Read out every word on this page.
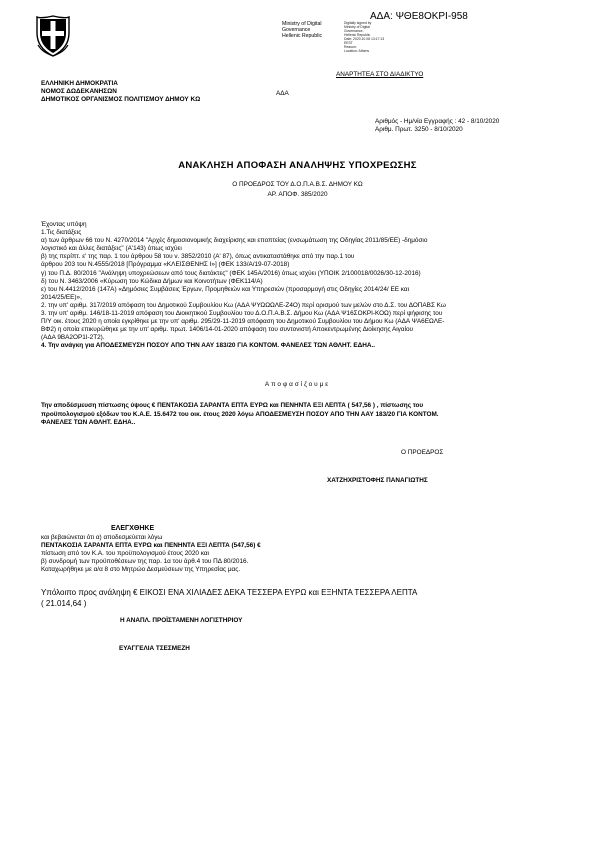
ΑΔΑ: ΨΘΕ8ΟΚΡΙ-958
Ministry of Digital
Governance
Hellenic Republic
Digitally signed by
Ministry of Digital
Governance,
Hellenic Republic
Date: 2020.10.08 13:17:13
EEST
Reason:
Location: Athens
ΑΝΑΡΤΗΤΕΑ ΣΤΟ ΔΙΑΔΙΚΤΥΟ
ΕΛΛΗΝΙΚΗ ΔΗΜΟΚΡΑΤΙΑ
ΝΟΜΟΣ ΔΩΔΕΚΑΝΗΣΩΝ
ΔΗΜΟΤΙΚΟΣ ΟΡΓΑΝΙΣΜΟΣ ΠΟΛΙΤΙΣΜΟΥ ΔΗΜΟΥ ΚΩ
ΑΔΑ
Αριθμός - Ημ/νία Εγγραφής : 42 - 8/10/2020
Αριθμ. Πρωτ. 3250 - 8/10/2020
ΑΝΑΚΛΗΣΗ ΑΠΟΦΑΣΗ ΑΝΑΛΗΨΗΣ ΥΠΟΧΡΕΩΣΗΣ
Ο ΠΡΟΕΔΡΟΣ ΤΟΥ Δ.Ο.Π.Α.Β.Σ. ΔΗΜΟΥ ΚΩ
ΑΡ. ΑΠΟΦ. 385/2020
Έχοντας υπόψη
1.Τις διατάξεις
α) των άρθρων 66 του Ν. 4270/2014 "Αρχές δημοσιονομικής διαχείρισης και εποπτείας (ενσωμάτωση της Οδηγίας 2011/85/ΕΕ) -δημόσιο
λογιστικό και άλλες διατάξεις" (Α'143) όπως ισχύει
β) της περίπτ. ε' της παρ. 1 του άρθρου 58 του ν. 3852/2010 (Α' 87), όπως αντικαταστάθηκε από την παρ.1 του
άρθρου 203 του Ν.4555/2018 [Πρόγραμμα «ΚΛΕΙΣΘΕΝΗΣ Ι»] (ΦΕΚ 133/Α/19-07-2018)
γ) του Π.Δ. 80/2016 "Ανάληψη υποχρεώσεων από τους διατάκτες" (ΦΕΚ 145Α/2016) όπως ισχύει (ΥΠΟΙΚ 2/100018/0026/30-12-2016)
δ) του Ν. 3463/2006 «Κύρωση του Κώδικα Δήμων και Κοινοτήτων (ΦΕΚ114/Α)
ε) του Ν.4412/2016 (147Α) «Δημόσιες Συμβάσεις Έργων, Προμηθειών και Υπηρεσιών (προσαρμογή στις Οδηγίες 2014/24/ ΕΕ και
2014/25/ΕΕ)»,
2. την υπ' αριθμ. 317/2019 απόφαση του Δημοτικού Συμβουλίου Κω (ΑΔΑ ΨΥΩΩΩΛΕ-Ζ4Ο) περί ορισμού των μελών στο Δ.Σ. του ΔΟΠΑΒΣ Κω
3. την υπ' αριθμ. 146/18-11-2019 απόφαση του Διοικητικού Συμβουλίου του Δ.Ο.Π.Α.Β.Σ. Δήμου Κω (ΑΔΑ Ψ16ΣΟΚΡΙ-ΚΟΩ) περί ψήφισης του
Π/Υ οικ. έτους 2020 η οποία εγκρίθηκε με την υπ' αριθμ. 295/29-11-2019 απόφαση του Δημοτικού Συμβουλίου του Δήμου Κω (ΑΔΑ ΨΑ6ΕΩΛΕ-
ΒΦ2) η οποία επικυρώθηκε με την υπ' αριθμ. πρωτ. 1406/14-01-2020 απόφαση του συντονιστή Αποκεντρωμένης Διοίκησης Αιγαίου
(ΑΔΑ 9ΒΑ2ΟΡ1Ι-2Τ2).
4. Την ανάγκη για ΑΠΟΔΕΣΜΕΥΣΗ ΠΟΣΟΥ ΑΠΟ ΤΗΝ ΑΑΥ 183/20 ΓΙΑ ΚΟΝΤΟΜ. ΦΑΝΕΛΕΣ ΤΩΝ ΑΘΛΗΤ. ΕΔΗΑ..
Αποφασίζουμε
Την αποδέσμευση πίστωσης ύψους € ΠΕΝΤΑΚΟΣΙΑ ΣΑΡΑΝΤΑ ΕΠΤΑ ΕΥΡΩ και ΠΕΝΗΝΤΑ ΕΞΙ ΛΕΠΤΑ ( 547,56 ) , πίστωσης του
προϋπολογισμού εξόδων του Κ.Α.Ε. 15.6472 του οικ. έτους 2020 λόγω ΑΠΟΔΕΣΜΕΥΣΗ ΠΟΣΟΥ ΑΠΟ ΤΗΝ ΑΑΥ 183/20 ΓΙΑ ΚΟΝΤΟΜ.
ΦΑΝΕΛΕΣ ΤΩΝ ΑΘΛΗΤ. ΕΔΗΑ..
Ο ΠΡΟΕΔΡΟΣ
ΧΑΤΖΗΧΡΙΣΤΟΦΗΣ ΠΑΝΑΓΙΩΤΗΣ
ΕΛΕΓΧΘΗΚΕ
και βεβαιώνεται ότι α) αποδεσμεύεται λόγω
ΠΕΝΤΑΚΟΣΙΑ ΣΑΡΑΝΤΑ ΕΠΤΑ ΕΥΡΩ και ΠΕΝΗΝΤΑ ΕΞΙ ΛΕΠΤΑ (547,56) €
πίστωση από τον Κ.Α. του προϋπολογισμού έτους 2020 και
β) συνδρομή των προϋποθέσεων της παρ. 1α του άρθ.4 του ΠΔ 80/2016.
Καταχωρήθηκε με α/α 8 στο Μητρώο Δεσμεύσεων της Υπηρεσίας μας.
Υπόλοιπο προς ανάληψη € ΕΙΚΟΣΙ ΕΝΑ ΧΙΛΙΑΔΕΣ ΔΕΚΑ ΤΕΣΣΕΡΑ ΕΥΡΩ και ΕΞΗΝΤΑ ΤΕΣΣΕΡΑ ΛΕΠΤΑ
( 21.014,64 )
Η ΑΝΑΠΛ. ΠΡΟΪΣΤΑΜΕΝΗ ΛΟΓΙΣΤΗΡΙΟΥ
ΕΥΑΓΓΕΛΙΑ ΤΣΕΣΜΕΖΗ
